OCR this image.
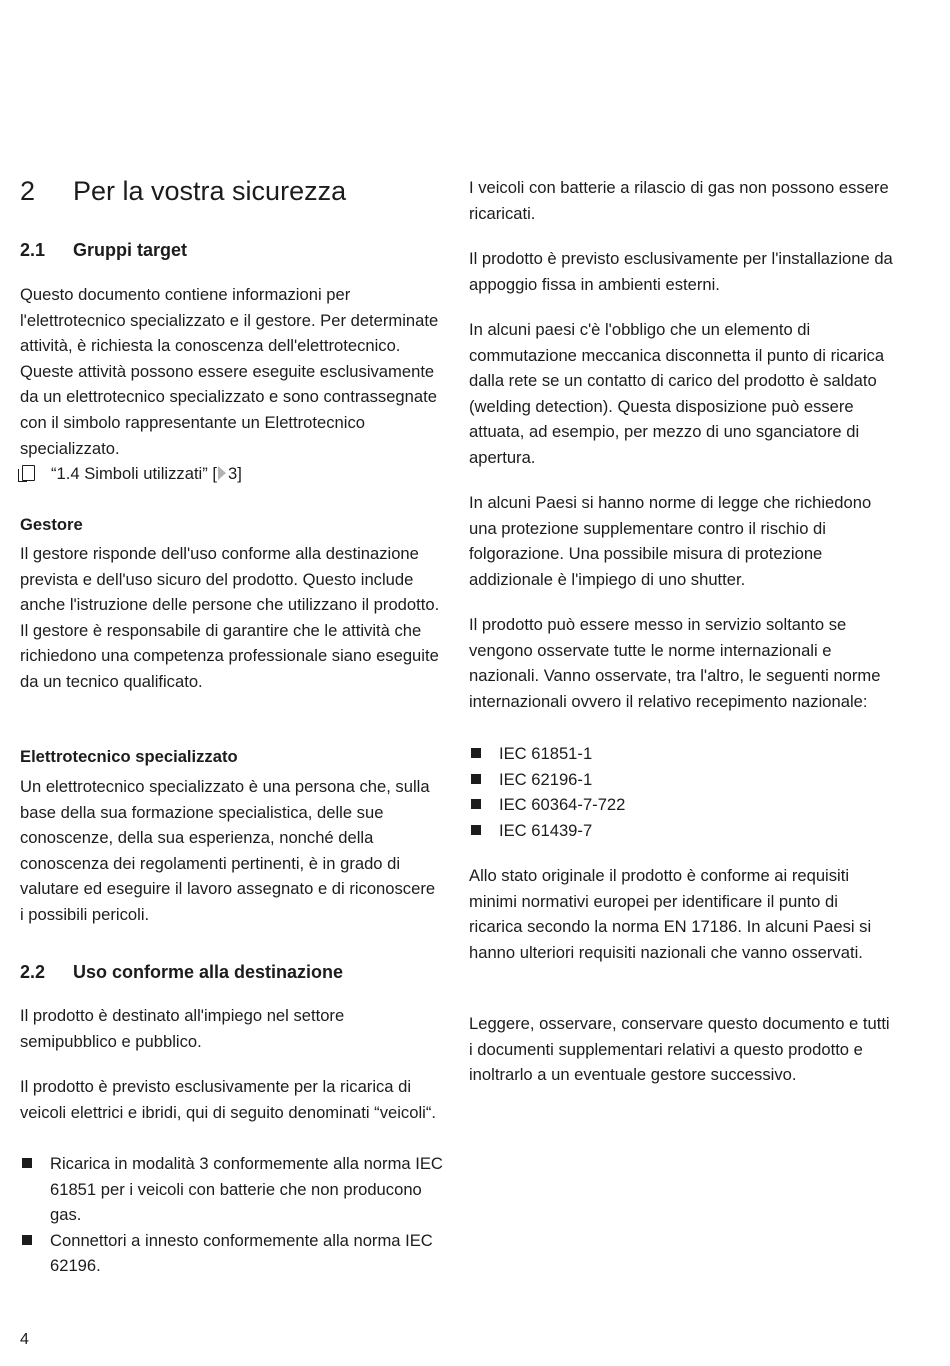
2 Per la vostra sicurezza
2.1 Gruppi target

Questo documento contiene informazioni per l'elettrotecnico specializzato e il gestore. Per determinate attività, è richiesta la conoscenza dell'elettrotecnico. Queste attività possono essere eseguite esclusivamente da un elettrotecnico specializzato e sono contrassegnate con il simbolo rappresentante un Elettrotecnico specializzato.

“1.4 Simboli utilizzati” [ 3]
Gestore

Il gestore risponde dell'uso conforme alla destinazione prevista e dell'uso sicuro del prodotto. Questo include anche l'istruzione delle persone che utilizzano il prodotto. Il gestore è responsabile di garantire che le attività che richiedono una competenza professionale siano eseguite da un tecnico qualificato.

Elettrotecnico specializzato

Un elettrotecnico specializzato è una persona che, sulla base della sua formazione specialistica, delle sue conoscenze, della sua esperienza, nonché della conoscenza dei regolamenti pertinenti, è in grado di valutare ed eseguire il lavoro assegnato e di riconoscere i possibili pericoli.

2.2 Uso conforme alla destinazione

Il prodotto è destinato all'impiego nel settore semipubblico e pubblico.

Il prodotto è previsto esclusivamente per la ricarica di veicoli elettrici e ibridi, qui di seguito denominati “veicoli“.

Ricarica in modalità 3 conformemente alla norma IEC 61851 per i veicoli con batterie che non producono gas.
Connettori a innesto conformemente alla norma IEC 62196.

I veicoli con batterie a rilascio di gas non possono essere ricaricati.

Il prodotto è previsto esclusivamente per l'installazione da appoggio fissa in ambienti esterni.

In alcuni paesi c'è l'obbligo che un elemento di commutazione meccanica disconnetta il punto di ricarica dalla rete se un contatto di carico del prodotto è saldato (welding detection). Questa disposizione può essere attuata, ad esempio, per mezzo di uno sganciatore di apertura.

In alcuni Paesi si hanno norme di legge che richiedono una protezione supplementare contro il rischio di folgorazione. Una possibile misura di protezione addizionale è l'impiego di uno shutter.

Il prodotto può essere messo in servizio soltanto se vengono osservate tutte le norme internazionali e nazionali. Vanno osservate, tra l'altro, le seguenti norme internazionali ovvero il relativo recepimento nazionale:

IEC 61851-1
IEC 62196-1
IEC 60364-7-722
IEC 61439-7

Allo stato originale il prodotto è conforme ai requisiti minimi normativi europei per identificare il punto di ricarica secondo la norma EN 17186. In alcuni Paesi si hanno ulteriori requisiti nazionali che vanno osservati.

Leggere, osservare, conservare questo documento e tutti i documenti supplementari relativi a questo prodotto e inoltrarlo a un eventuale gestore successivo.

4
